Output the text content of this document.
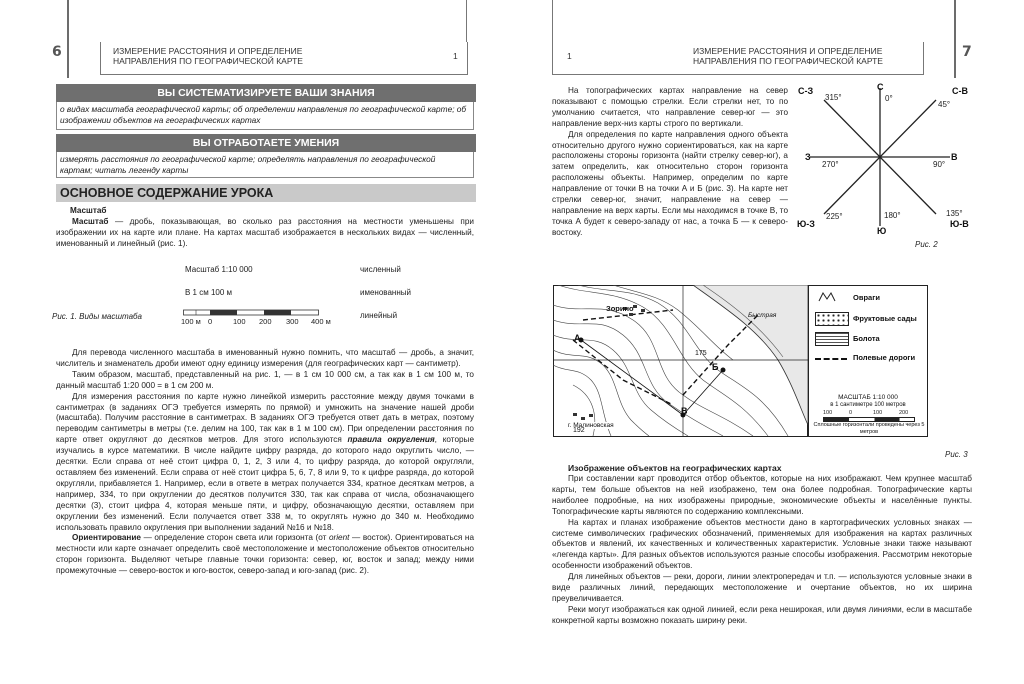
6	ИЗМЕРЕНИЕ РАССТОЯНИЯ И ОПРЕДЕЛЕНИЕ НАПРАВЛЕНИЯ ПО ГЕОГРАФИЧЕСКОЙ КАРТЕ	1
ВЫ СИСТЕМАТИЗИРУЕТЕ ВАШИ ЗНАНИЯ
о видах масштаба географической карты; об определении направления по географической карте; об изображении объектов на географических картах
ВЫ ОТРАБОТАЕТЕ УМЕНИЯ
измерять расстояния по географической карте; определять направления по географической картам; читать легенду карты
ОСНОВНОЕ СОДЕРЖАНИЕ УРОКА
Масштаб

Масштаб — дробь, показывающая, во сколько раз расстояния на местности уменьшены при изображении их на карте или плане. На картах масштаб изображается в нескольких видах — численный, именованный и линейный (рис. 1).

Масштаб 1:10 000	численный
В 1 см 100 м	именованный
Рис. 1. Виды масштаба	линейный
100 м 0	100 200 300 400 м

Для перевода численного масштаба в именованный нужно помнить, что масштаб — дробь, а значит, числитель и знаменатель дроби имеют одну единицу измерения (для географических карт — сантиметр).

Таким образом, масштаб, представленный на рис. 1, — в 1 см 10 000 см, а так как в 1 см 100 м, то данный масштаб 1:20 000 = в 1 см 200 м.

Для измерения расстояния по карте нужно линейкой измерить расстояние между двумя точками в сантиметрах (в заданиях ОГЭ требуется измерять по прямой) и умножить на значение нашей дроби (масштаба). Получим расстояние в сантиметрах. В заданиях ОГЭ требуется ответ дать в метрах, поэтому переводим сантиметры в метры (т.е. делим на 100, так как в 1 м 100 см). При определении расстояния по карте ответ округляют до десятков метров. Для этого используются правила округления, которые изучались в курсе математики. В числе найдите цифру разряда, до которого надо округлить число, — десятки. Если справа от неё стоит цифра 0, 1, 2, 3 или 4, то цифру разряда, до которой округляли, оставляем без изменений. Если справа от неё стоит цифра 5, 6, 7, 8 или 9, то к цифре разряда, до которой округляли, прибавляется 1. Например, если в ответе в метрах получается 334, кратное десяткам метров, а например, 334, то при округлении до десятков получится 330, так как справа от числа, обозначающего десятки (3), стоит цифра 4, которая меньше пяти, и цифру, обозначающую десятки, оставляем при округлении без изменений. Если получается ответ 338 м, то округлять нужно до 340 м. Необходимо использовать правило округления при выполнении заданий №16 и №18.

Ориентирование — определение сторон света или горизонта (от orient — восток). Ориентироваться на местности или карте означает определить своё местоположение и местоположение объектов относительно сторон горизонта. Выделяют четыре главные точки горизонта: север, юг, восток и запад; между ними промежуточные — северо-восток и юго-восток, северо-запад и юго-запад (рис. 2).

7
1	ИЗМЕРЕНИЕ РАССТОЯНИЯ И ОПРЕДЕЛЕНИЕ НАПРАВЛЕНИЯ ПО ГЕОГРАФИЧЕСКОЙ КАРТЕ

На топографических картах направление на север показывают с помощью стрелки. Если стрелки нет, то по умолчанию считается, что направление север-юг — это направление верх-низ карты строго по вертикали.

Для определения по карте направления одного объекта относительно другого нужно сориентироваться, как на карте расположены стороны горизонта (найти стрелку север-юг), а затем определить, как относительно сторон горизонта расположены объекты. Например, определим по карте направление от точки В на точки А и Б (рис. 3). На карте нет стрелки север-юг, значит, направление на север — направление на верх карты. Если мы находимся в точке В, то точка А будет к северо-западу от нас, а точка Б — к северо-востоку.

С
0°
С-В
45°
В
90°
Ю-В
135°
Ю
180°
Ю-З
225°
З
270°
С-З
315°
Рис. 2
Зорино
г. Малиновская
Быстрая
А
Б
В
192
175
Овраги
Фруктовые сады
Болота
Полевые дороги
МАСШТАБ 1:10 000
в 1 сантиметре 100 метров
100	0	100	200
Сплошные горизонтали проведены через 5 метров
Рис. 3
Изображение объектов на географических картах

При составлении карт проводится отбор объектов, которые на них изображают. Чем крупнее масштаб карты, тем больше объектов на ней изображено, тем она более подробная. Топографические карты наиболее подробные, на них изображены природные, экономические объекты и населённые пункты. Топографические карты являются по содержанию комплексными.

На картах и планах изображение объектов местности дано в картографических условных знаках — системе символических графических обозначений, применяемых для изображения на картах различных объектов и явлений, их качественных и количественных характеристик. Условные знаки также называют «легенда карты». Для разных объектов используются разные способы изображения. Рассмотрим некоторые особенности изображений объектов.

Для линейных объектов — реки, дороги, линии электропередач и т.п. — используются условные знаки в виде различных линий, передающих местоположение и очертание объектов, но их ширина преувеличивается.

Реки могут изображаться как одной линией, если река неширокая, или двумя линиями, если в масштабе конкретной карты возможно показать ширину реки.
